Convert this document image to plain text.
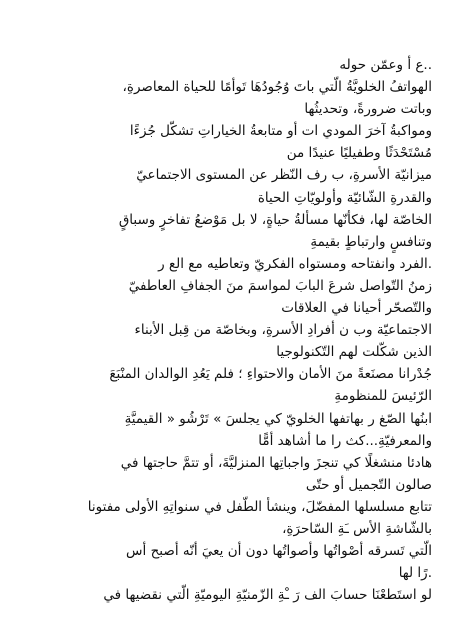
..ع أ وعمّن حوله
الهواتفُ الخلويَّةُ الّتي باتَ وُجُودُهَا تَوأمًا للحياة المعاصرةِ،
وباتت ضرورةً، وتحديثُها
ومواكبةُ آخرَ المودي ات أو متابعةُ الخياراتِ تشكّل جُزءًا
مُسْتَحْدَثًا وطفيليًا عنيدًا من
ميزانيّة الأسرةِ، ب رف النّظر عن المستوى الاجتماعيّ
والقدرةِ الشّائيّة وأولويّاتِ الحياة
الخاصّة لها، فكأنّها مسألةُ حياةٍ، لا بل مَوْضعُ تفاخرٍ وسباقٍ
وتنافسٍ وارتباطٍ بقيمةِ
.الفرد وانفتاحه ومستواه الفكريّ وتعاطيه مع الع ر
زمنُ التّواصل شرعَ البابَ لمواسمَ منَ الجفافِ العاطفيّ
والتّصحّر أحيانا في العلاقات
الاجتماعيّة وب ن أفرادِ الأسرةِ، وبخاصّة من قِبل الأبناء
الذين شكّلت لهم التّكنولوجيا
جُدْرانا مصنَعةً منَ الأمان والاحتواءِ ؛ فلم يَعُدِ الوالدان المنْبَعَ
الرّئيسَ للمنظومةِ
ابنُها الصّغ ر بهاتفها الخلويّ كي يجلسَ » تَرْشُو « القيميَّةِ
والمعرفيّةِ...كث را ما أشاهد أمًّا
هادئا منشغلًا كي تنجزَ واجباتِها المنزليَّةَ، أو تتمَّ حاجتها في
صالون التّجميل أو حتّى
تتابع مسلسلها المفضّلَ، وينشأ الطّفل في سنواتِهِ الأولى مفتونا
بالشّاشةِ الأس ـَةِ السّاحرَةِ،
الّتي تَسرقه أصْواتُها وأصواتُها دون أن يعيَ أنّه أصبح أس
.رًا لها
لو استَطعْنَا حسابَ الف رَ ـْةِ الزّمنيّةِ اليوميّةِ الّتي نقضيها في
